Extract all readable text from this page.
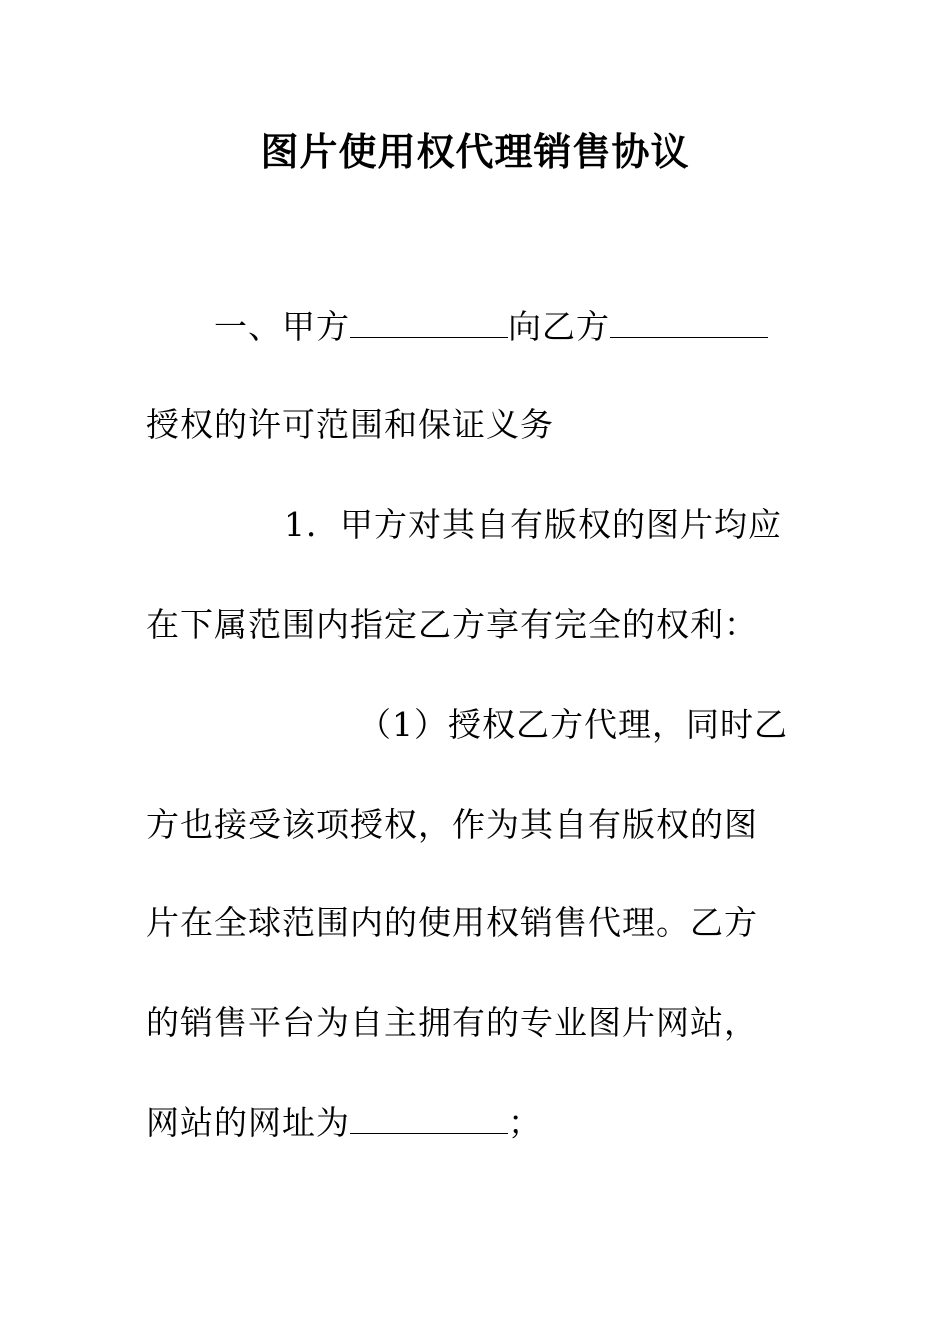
图片使用权代理销售协议
一、甲方	向乙方
授权的许可范围和保证义务
1．甲方对其自有版权的图片均应
在下属范围内指定乙方享有完全的权利：
（1）授权乙方代理，同时乙
方也接受该项授权，作为其自有版权的图
片在全球范围内的使用权销售代理。乙方
的销售平台为自主拥有的专业图片网站，
网站的网址为	；
